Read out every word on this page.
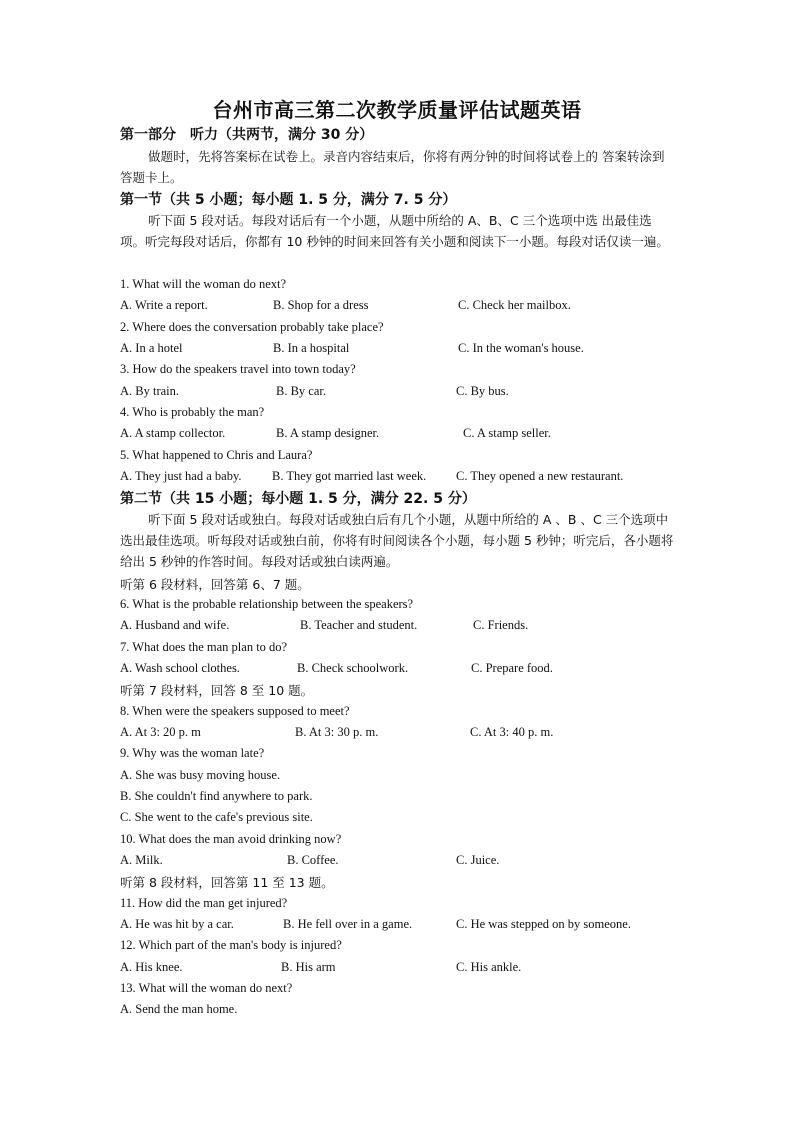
台州市高三第二次教学质量评估试题英语
第一部分　听力（共两节，满分 30 分）
做题时，先将答案标在试卷上。录音内容结束后，你将有两分钟的时间将试卷上的 答案转涂到答题卡上。
第一节（共 5 小题；每小题 1. 5 分，满分 7. 5 分）
听下面 5 段对话。每段对话后有一个小题，从题中所给的 A、B、C 三个选项中选 出最佳选项。听完每段对话后，你都有 10 秒钟的时间来回答有关小题和阅读下一小题。每段对话仅读一遍。
1. What will the woman do next?
A. Write a report.	B. Shop for a dress	C. Check her mailbox.
2. Where does the conversation probably take place?
A. In a hotel	B. In a hospital	C. In the woman's house.
3. How do the speakers travel into town today?
A. By train.	B. By car.	C. By bus.
4. Who is probably the man?
A. A stamp collector.	B. A stamp designer.	C. A stamp seller.
5. What happened to Chris and Laura?
A. They just had a baby. B. They got married last week. C. They opened a new restaurant.
第二节（共 15 小题；每小题 1. 5 分，满分 22. 5 分）
听下面 5 段对话或独白。每段对话或独白后有几个小题，从题中所给的 A 、B 、C 三个选项中选出最佳选项。听每段对话或独白前，你将有时间阅读各个小题，每小题 5 秒钟；听完后，各小题将给出 5 秒钟的作答时间。每段对话或独白读两遍。
听第 6 段材料，回答第 6、7 题。
6. What is the probable relationship between the speakers?
A. Husband and wife.	B. Teacher and student.	C. Friends.
7. What does the man plan to do?
A. Wash school clothes.	B. Check schoolwork.	C. Prepare food.
听第 7 段材料，回答 8 至 10 题。
8. When were the speakers supposed to meet?
A. At 3: 20 p. m	B. At 3: 30 p. m.	C. At 3: 40 p. m.
9. Why was the woman late?
A. She was busy moving house.
B. She couldn't find anywhere to park.
C. She went to the cafe's previous site.
10. What does the man avoid drinking now?
A. Milk.	B. Coffee.	C. Juice.
听第 8 段材料，回答第 11 至 13 题。
11. How did the man get injured?
A. He was hit by a car.	B. He fell over in a game.	C. He was stepped on by someone.
12. Which part of the man's body is injured?
A. His knee.	B. His arm	C. His ankle.
13. What will the woman do next?
A. Send the man home.
